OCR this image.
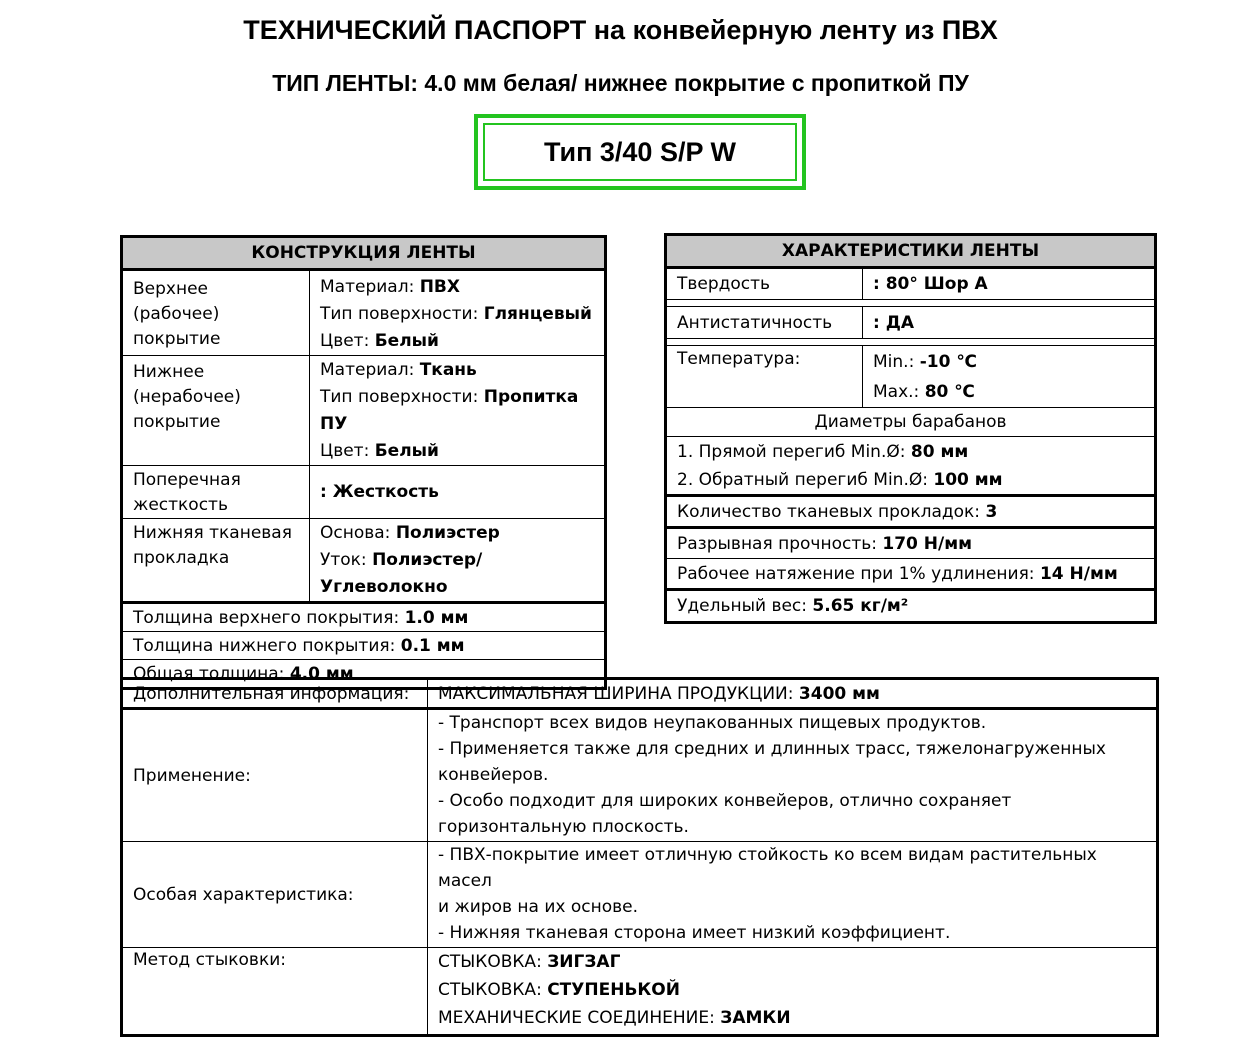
ТЕХНИЧЕСКИЙ ПАСПОРТ на конвейерную ленту из ПВХ
ТИП ЛЕНТЫ: 4.0 мм белая/ нижнее покрытие с пропиткой ПУ
Тип 3/40 S/P W
КОНСТРУКЦИЯ ЛЕНТЫ	

Верхнее
(рабочее)
покрытие	Материал: ПВХ
Тип поверхности: Глянцевый
Цвет: Белый

Нижнее
(нерабочее)
покрытие	Материал: Ткань
Тип поверхности: Пропитка ПУ
Цвет: Белый

Поперечная
жесткость	: Жесткость

Нижняя тканевая
прокладка	Основа: Полиэстер
Уток: Полиэстер/Углеволокно

Толщина верхнего покрытия: 1.0 мм	
Толщина нижнего покрытия: 0.1 мм	
Общая толщина: 4.0 мм	
ХАРАКТЕРИСТИКИ ЛЕНТЫ	
Твердость	: 80° Шор А

Антистатичность	: ДА

Температура:	Min.: -10 ℃
Max.: 80 ℃

Диаметры барабанов	

1. Прямой перегиб Min.Ø: 80 мм
2. Обратный перегиб Min.Ø: 100 мм	

Количество тканевых прокладок: 3	
Разрывная прочность: 170 Н/мм	
Рабочее натяжение при 1% удлинения: 14 Н/мм	
Удельный вес: 5.65 кг/м²	
Дополнительная информация:	МАКСИМАЛЬНАЯ ШИРИНА ПРОДУКЦИИ: 3400 мм
Применение:	- Транспорт всех видов неупакованных пищевых продуктов.
- Применяется также для средних и длинных трасс, тяжелонагруженных
конвейеров.
- Особо подходит для широких конвейеров, отлично сохраняет
горизонтальную плоскость.

Особая характеристика:	- ПВХ-покрытие имеет отличную стойкость ко всем видам растительных масел
и жиров на их основе.
- Нижняя тканевая сторона имеет низкий коэффициент.

Метод стыковки:	СТЫКОВКА: ЗИГЗАГ
СТЫКОВКА: СТУПЕНЬКОЙ
МЕХАНИЧЕСКИЕ СОЕДИНЕНИЕ: ЗАМКИ
